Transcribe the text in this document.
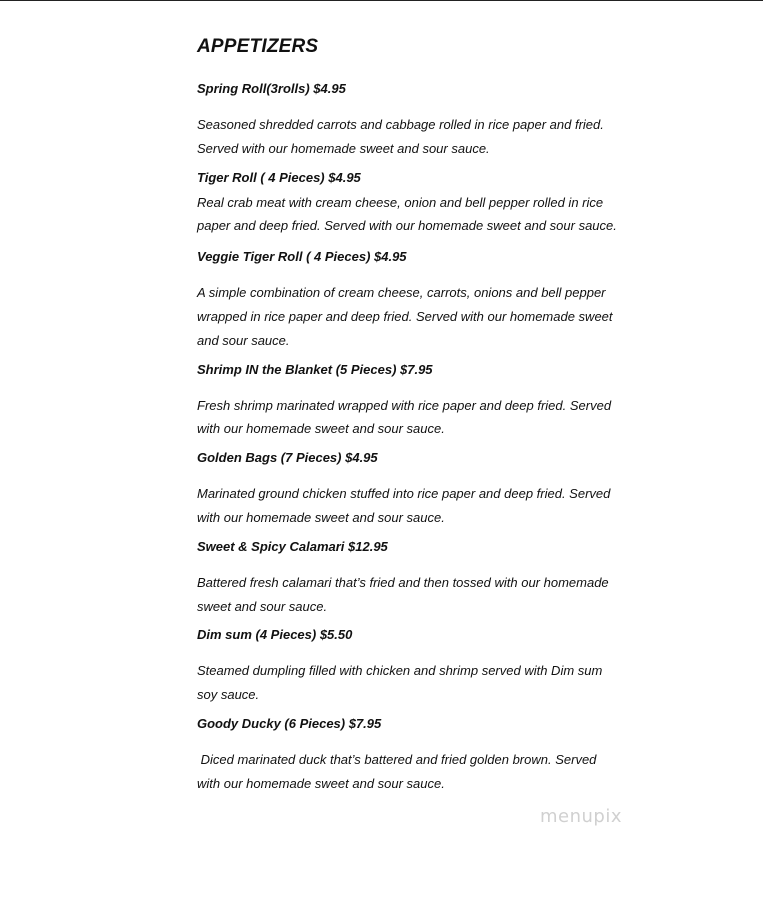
APPETIZERS
Spring Roll(3rolls) $4.95
Seasoned shredded carrots and cabbage rolled in rice paper and fried. Served with our homemade sweet and sour sauce.
Tiger Roll ( 4 Pieces) $4.95
Real crab meat with cream cheese, onion and bell pepper rolled in rice paper and deep fried. Served with our homemade sweet and sour sauce.
Veggie Tiger Roll ( 4 Pieces) $4.95
A simple combination of cream cheese, carrots, onions and bell pepper wrapped in rice paper and deep fried. Served with our homemade sweet and sour sauce.
Shrimp IN the Blanket (5 Pieces) $7.95
Fresh shrimp marinated wrapped with rice paper and deep fried. Served with our homemade sweet and sour sauce.
Golden Bags (7 Pieces) $4.95
Marinated ground chicken stuffed into rice paper and deep fried. Served with our homemade sweet and sour sauce.
Sweet & Spicy Calamari $12.95
Battered fresh calamari that’s fried and then tossed with our homemade sweet and sour sauce.
Dim sum (4 Pieces) $5.50
Steamed dumpling filled with chicken and shrimp served with Dim sum soy sauce.
Goody Ducky (6 Pieces) $7.95
Diced marinated duck that’s battered and fried golden brown. Served with our homemade sweet and sour sauce.
menupix
